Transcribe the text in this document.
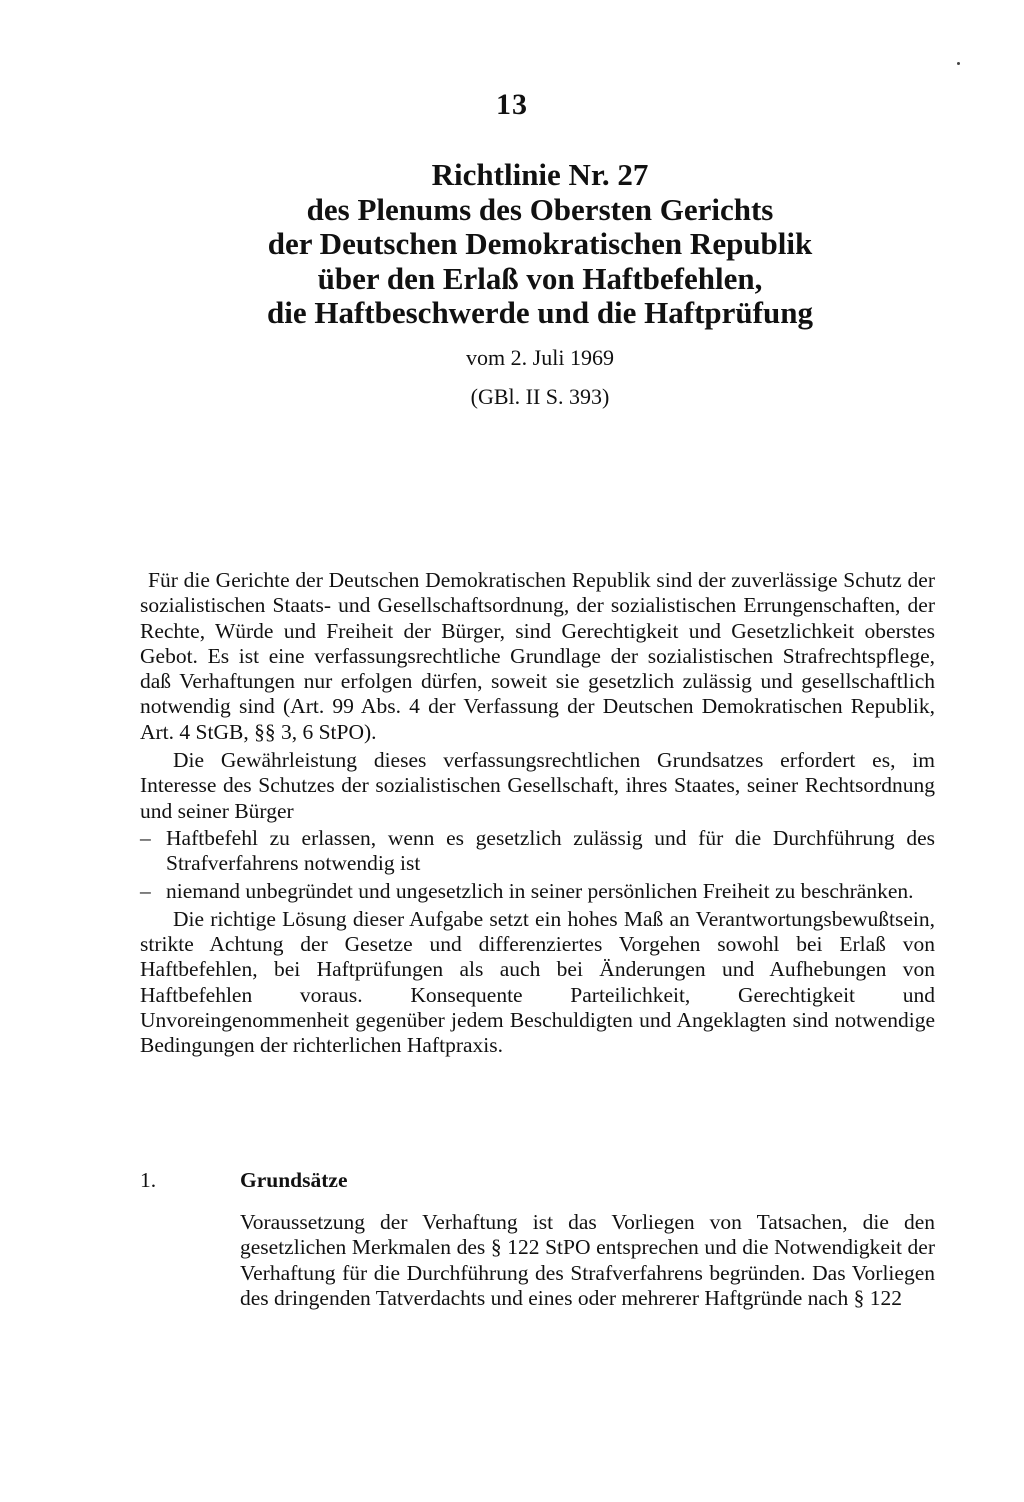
13
Richtlinie Nr. 27
des Plenums des Obersten Gerichts
der Deutschen Demokratischen Republik
über den Erlaß von Haftbefehlen,
die Haftbeschwerde und die Haftprüfung
vom 2. Juli 1969
(GBl. II S. 393)

Für die Gerichte der Deutschen Demokratischen Republik sind der zuverlässige Schutz der sozialistischen Staats- und Gesellschaftsordnung, der sozialistischen Errungenschaften, der Rechte, Würde und Freiheit der Bürger, sind Gerechtigkeit und Gesetzlichkeit oberstes Gebot. Es ist eine verfassungsrechtliche Grundlage der sozialistischen Strafrechtspflege, daß Verhaftungen nur erfolgen dürfen, soweit sie gesetzlich zulässig und gesellschaftlich notwendig sind (Art. 99 Abs. 4 der Verfassung der Deutschen Demokratischen Republik, Art. 4 StGB, §§ 3, 6 StPO).

Die Gewährleistung dieses verfassungsrechtlichen Grundsatzes erfordert es, im Interesse des Schutzes der sozialistischen Gesellschaft, ihres Staates, seiner Rechtsordnung und seiner Bürger

– Haftbefehl zu erlassen, wenn es gesetzlich zulässig und für die Durchführung des Strafverfahrens notwendig ist
– niemand unbegründet und ungesetzlich in seiner persönlichen Freiheit zu beschränken.

Die richtige Lösung dieser Aufgabe setzt ein hohes Maß an Verantwortungsbewußtsein, strikte Achtung der Gesetze und differenziertes Vorgehen sowohl bei Erlaß von Haftbefehlen, bei Haftprüfungen als auch bei Änderungen und Aufhebungen von Haftbefehlen voraus. Konsequente Parteilichkeit, Gerechtigkeit und Unvoreingenommenheit gegenüber jedem Beschuldigten und Angeklagten sind notwendige Bedingungen der richterlichen Haftpraxis.

1.	Grundsätze

Voraussetzung der Verhaftung ist das Vorliegen von Tatsachen, die den gesetzlichen Merkmalen des § 122 StPO entsprechen und die Notwendigkeit der Verhaftung für die Durchführung des Strafverfahrens begründen. Das Vorliegen des dringenden Tatverdachts und eines oder mehrerer Haftgründe nach § 122
